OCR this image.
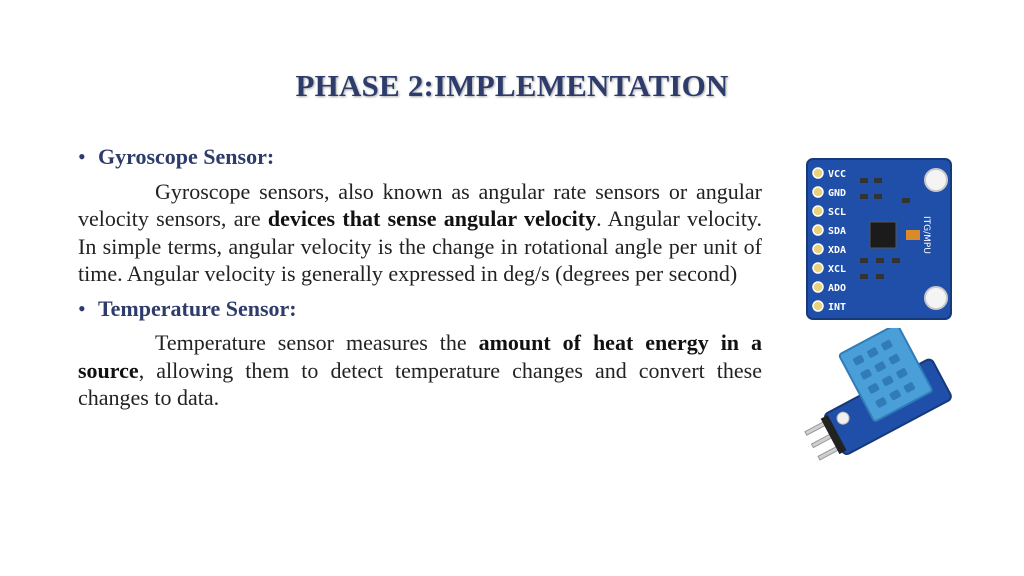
PHASE 2:IMPLEMENTATION
• Gyroscope Sensor:

Gyroscope sensors, also known as angular rate sensors or angular velocity sensors, are devices that sense angular velocity. Angular velocity. In simple terms, angular velocity is the change in rotational angle per unit of time. Angular velocity is generally expressed in deg/s (degrees per second)

• Temperature Sensor:

Temperature sensor measures the amount of heat energy in a source, allowing them to detect temperature changes and convert these changes to data.

VCC
GND
SCL
SDA
XDA
XCL
ADO
INT
ITG/MPU
